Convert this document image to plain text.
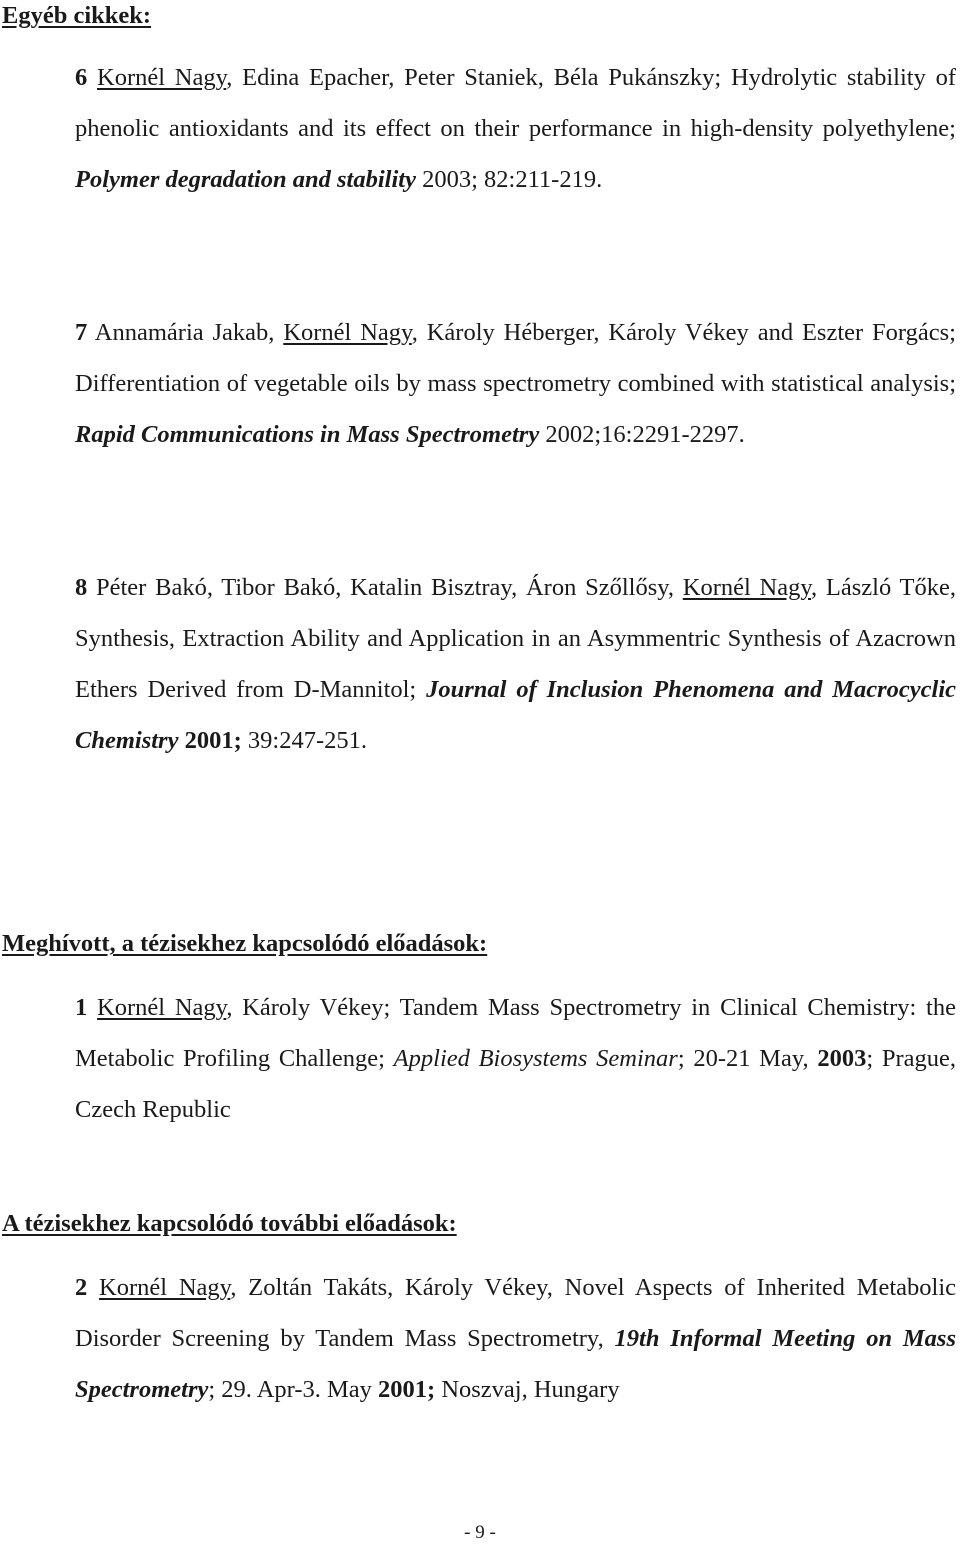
Egyéb cikkek:

6 Kornél Nagy, Edina Epacher, Peter Staniek, Béla Pukánszky; Hydrolytic stability of phenolic antioxidants and its effect on their performance in high-density polyethylene; Polymer degradation and stability 2003; 82:211-219.

7 Annamária Jakab, Kornél Nagy, Károly Héberger, Károly Vékey and Eszter Forgács; Differentiation of vegetable oils by mass spectrometry combined with statistical analysis; Rapid Communications in Mass Spectrometry 2002;16:2291-2297.

8 Péter Bakó, Tibor Bakó, Katalin Bisztray, Áron Szőllősy, Kornél Nagy, László Tőke, Synthesis, Extraction Ability and Application in an Asymmentric Synthesis of Azacrown Ethers Derived from D-Mannitol; Journal of Inclusion Phenomena and Macrocyclic Chemistry 2001; 39:247-251.

Meghívott, a tézisekhez kapcsolódó előadások:

1 Kornél Nagy, Károly Vékey; Tandem Mass Spectrometry in Clinical Chemistry: the Metabolic Profiling Challenge; Applied Biosystems Seminar; 20-21 May, 2003; Prague, Czech Republic

A tézisekhez kapcsolódó további előadások:

2 Kornél Nagy, Zoltán Takáts, Károly Vékey, Novel Aspects of Inherited Metabolic Disorder Screening by Tandem Mass Spectrometry, 19th Informal Meeting on Mass Spectrometry; 29. Apr-3. May 2001; Noszvaj, Hungary

- 9 -
